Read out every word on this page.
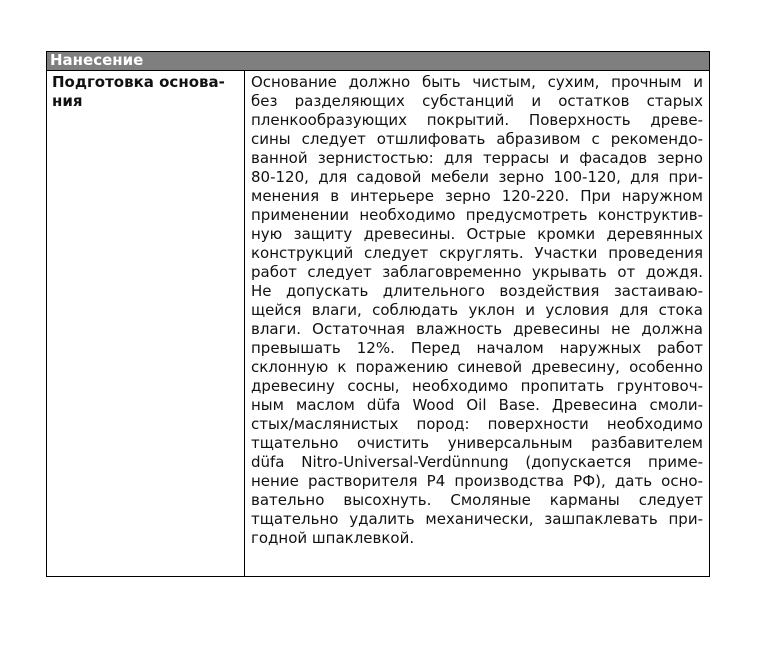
Нанесение
Подготовка основа-
ния
Основание должно быть чистым, сухим, прочным и
без разделяющих субстанций и остатков старых
пленкообразующих покрытий. Поверхность древе-
сины следует отшлифовать абразивом с рекомендо-
ванной зернистостью: для террасы и фасадов зерно
80-120, для садовой мебели зерно 100-120, для при-
менения в интерьере зерно 120-220. При наружном
применении необходимо предусмотреть конструктив-
ную защиту древесины. Острые кромки деревянных
конструкций следует скруглять. Участки проведения
работ следует заблаговременно укрывать от дождя.
Не допускать длительного воздействия застаиваю-
щейся влаги, соблюдать уклон и условия для стока
влаги. Остаточная влажность древесины не должна
превышать 12%. Перед началом наружных работ
склонную к поражению синевой древесину, особенно
древесину сосны, необходимо пропитать грунтовоч-
ным маслом düfa Wood Oil Base. Древесина смоли-
стых/маслянистых пород: поверхности необходимо
тщательно очистить универсальным разбавителем
düfa Nitro-Universal-Verdünnung (допускается приме-
нение растворителя Р4 производства РФ), дать осно-
вательно высохнуть. Смоляные карманы следует
тщательно удалить механически, зашпаклевать при-
годной шпаклевкой.
